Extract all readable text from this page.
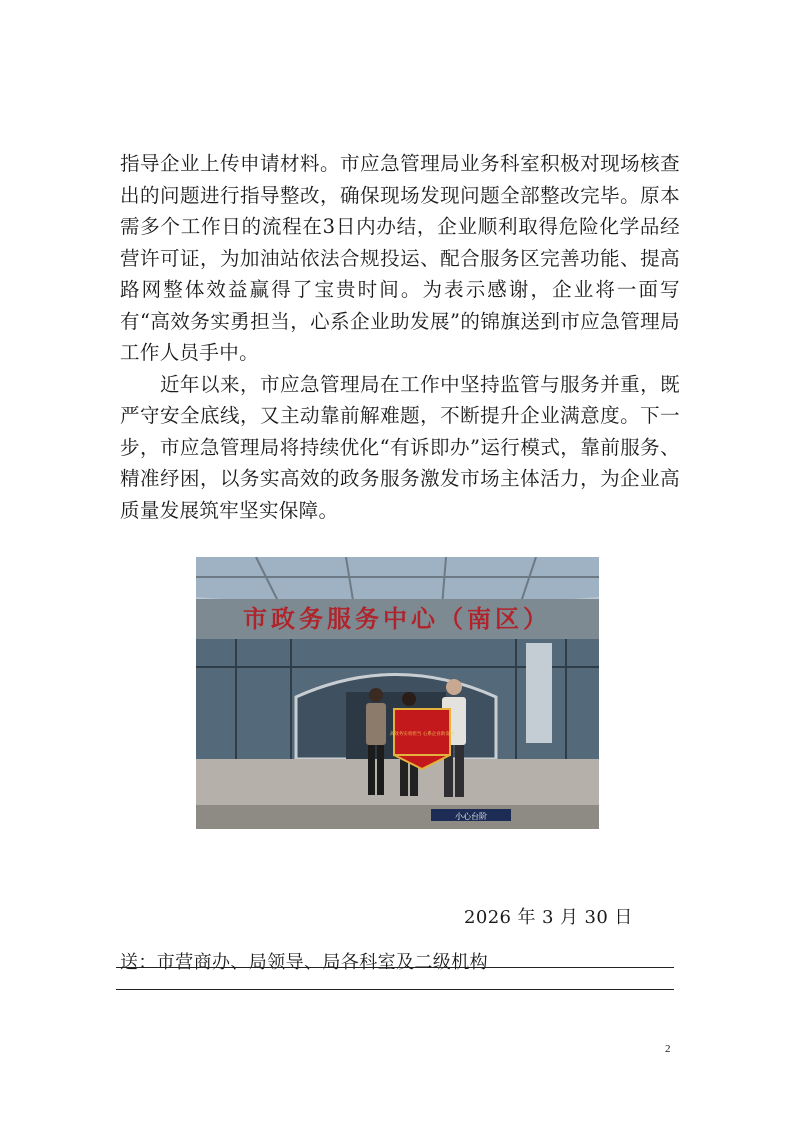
指导企业上传申请材料。市应急管理局业务科室积极对现场核查出的问题进行指导整改，确保现场发现问题全部整改完毕。原本需多个工作日的流程在3日内办结，企业顺利取得危险化学品经营许可证，为加油站依法合规投运、配合服务区完善功能、提高路网整体效益赢得了宝贵时间。为表示感谢，企业将一面写有“高效务实勇担当，心系企业助发展”的锦旗送到市应急管理局工作人员手中。

近年以来，市应急管理局在工作中坚持监管与服务并重，既严守安全底线，又主动靠前解难题，不断提升企业满意度。下一步，市应急管理局将持续优化“有诉即办”运行模式，靠前服务、精准纾困，以务实高效的政务服务激发市场主体活力，为企业高质量发展筑牢坚实保障。

市政务服务中心（南区）
小心台阶
高效务实勇担当 心系企业助发展
2026 年 3 月 30 日
送：市营商办、局领导、局各科室及二级机构
2
